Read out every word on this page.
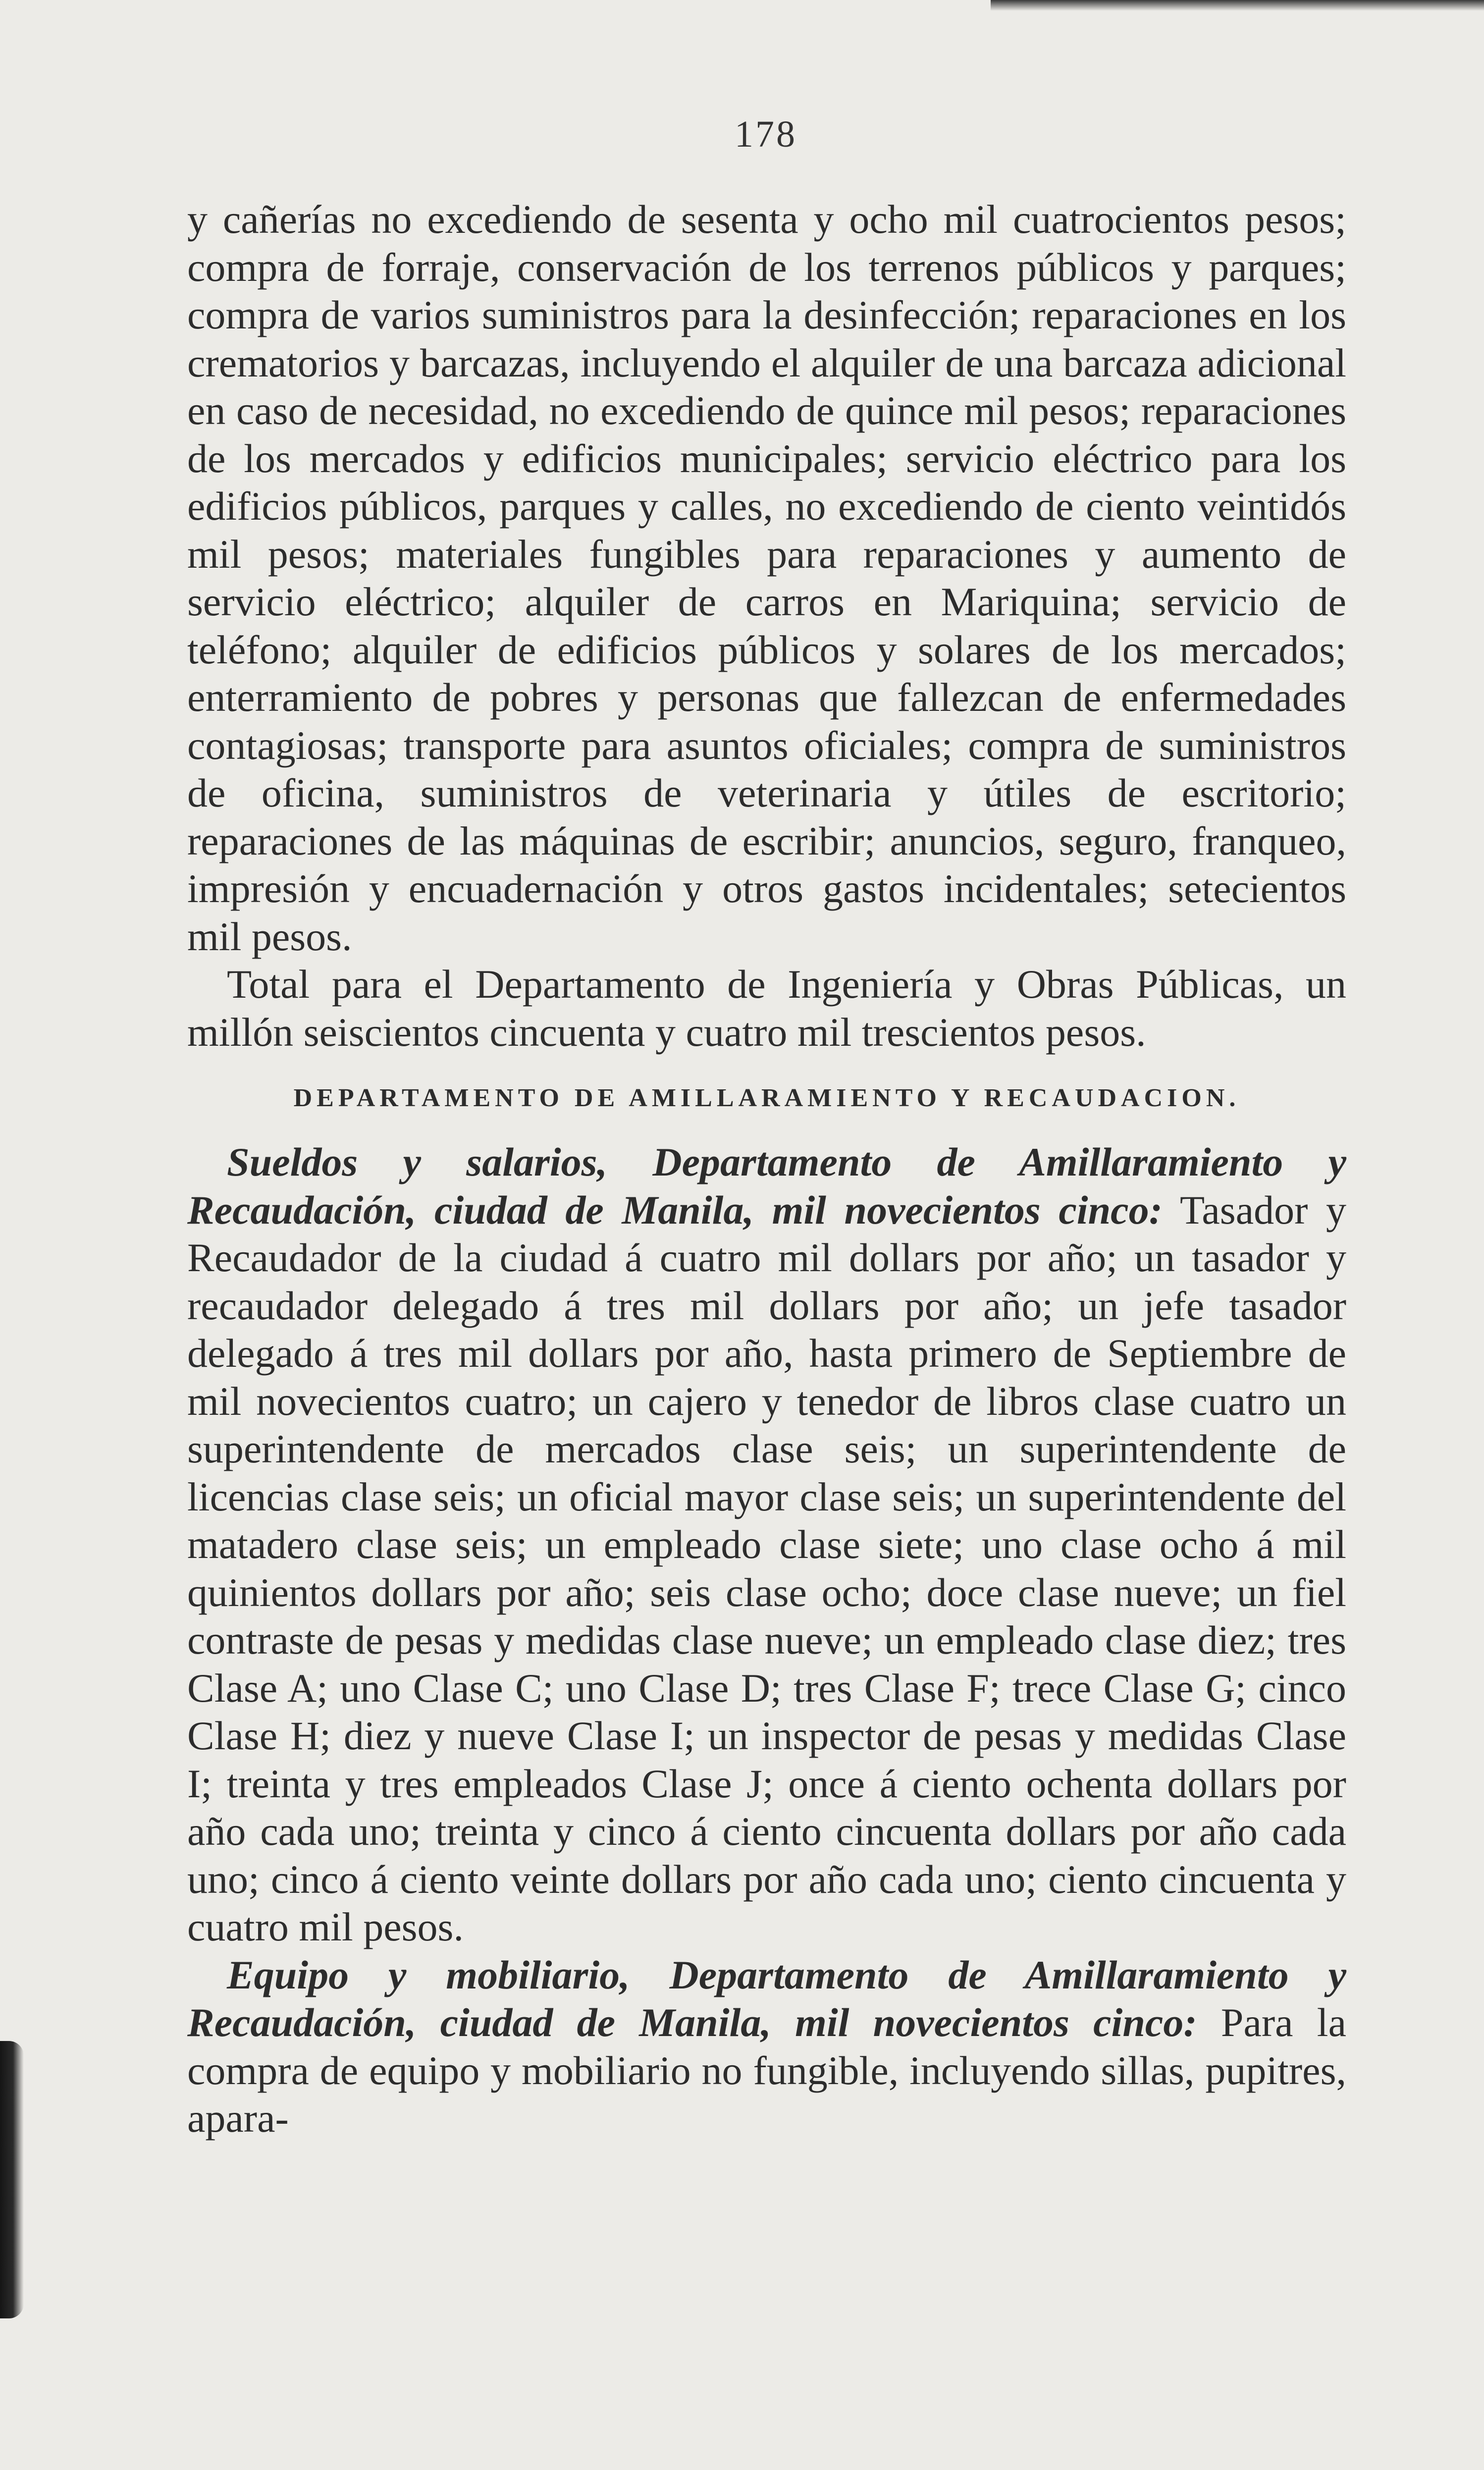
178

y cañerías no excediendo de sesenta y ocho mil cuatrocientos pesos; compra de forraje, conservación de los terrenos públicos y parques; compra de varios suministros para la desinfección; reparaciones en los crematorios y barcazas, incluyendo el alquiler de una barcaza adicional en caso de necesidad, no excediendo de quince mil pesos; reparaciones de los mercados y edificios municipales; servicio eléctrico para los edificios públicos, parques y calles, no excediendo de ciento veintidós mil pesos; materiales fungibles para reparaciones y aumento de servicio eléctrico; alquiler de carros en Mariquina; servicio de teléfono; alquiler de edificios públicos y solares de los mercados; enterramiento de pobres y personas que fallezcan de enfermedades contagiosas; transporte para asuntos oficiales; compra de suministros de oficina, suministros de veterinaria y útiles de escritorio; reparaciones de las máquinas de escribir; anuncios, seguro, franqueo, impresión y encuadernación y otros gastos incidentales; setecientos mil pesos.

Total para el Departamento de Ingeniería y Obras Públicas, un millón seiscientos cincuenta y cuatro mil trescientos pesos.

DEPARTAMENTO DE AMILLARAMIENTO Y RECAUDACION.

Sueldos y salarios, Departamento de Amillaramiento y Recaudación, ciudad de Manila, mil novecientos cinco: Tasador y Recaudador de la ciudad á cuatro mil dollars por año; un tasador y recaudador delegado á tres mil dollars por año; un jefe tasador delegado á tres mil dollars por año, hasta primero de Septiembre de mil novecientos cuatro; un cajero y tenedor de libros clase cuatro un superintendente de mercados clase seis; un superintendente de licencias clase seis; un oficial mayor clase seis; un superintendente del matadero clase seis; un empleado clase siete; uno clase ocho á mil quinientos dollars por año; seis clase ocho; doce clase nueve; un fiel contraste de pesas y medidas clase nueve; un empleado clase diez; tres Clase A; uno Clase C; uno Clase D; tres Clase F; trece Clase G; cinco Clase H; diez y nueve Clase I; un inspector de pesas y medidas Clase I; treinta y tres empleados Clase J; once á ciento ochenta dollars por año cada uno; treinta y cinco á ciento cincuenta dollars por año cada uno; cinco á ciento veinte dollars por año cada uno; ciento cincuenta y cuatro mil pesos.

Equipo y mobiliario, Departamento de Amillaramiento y Recaudación, ciudad de Manila, mil novecientos cinco: Para la compra de equipo y mobiliario no fungible, incluyendo sillas, pupitres, apara-
